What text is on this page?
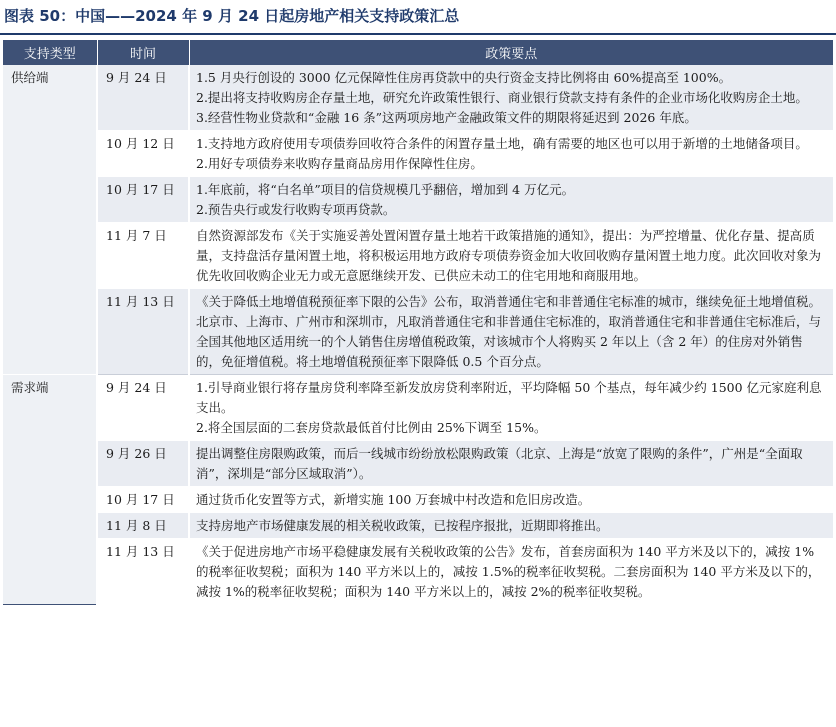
图表 50：中国——2024 年 9 月 24 日起房地产相关支持政策汇总
支持类型	时间	政策要点
供给端	9 月 24 日	1.5 月央行创设的 3000 亿元保障性住房再贷款中的央行资金支持比例将由 60%提高至 100%。
2.提出将支持收购房企存量土地，研究允许政策性银行、商业银行贷款支持有条件的企业市场化收购房企土地。
3.经营性物业贷款和“金融 16 条”这两项房地产金融政策文件的期限将延迟到 2026 年底。

	10 月 12 日	1.支持地方政府使用专项债券回收符合条件的闲置存量土地，确有需要的地区也可以用于新增的土地储备项目。
2.用好专项债券来收购存量商品房用作保障性住房。

	10 月 17 日	1.年底前，将“白名单”项目的信贷规模几乎翻倍，增加到 4 万亿元。
2.预告央行或发行收购专项再贷款。

	11 月 7 日	自然资源部发布《关于实施妥善处置闲置存量土地若干政策措施的通知》，提出：为严控增量、优化存量、提高质量，支持盘活存量闲置土地，将积极运用地方政府专项债券资金加大收回收购存量闲置土地力度。此次回收对象为优先收回收购企业无力或无意愿继续开发、已供应未动工的住宅用地和商服用地。

	11 月 13 日	《关于降低土地增值税预征率下限的公告》公布，取消普通住宅和非普通住宅标准的城市，继续免征土地增值税。北京市、上海市、广州市和深圳市，凡取消普通住宅和非普通住宅标准的，取消普通住宅和非普通住宅标准后，与全国其他地区适用统一的个人销售住房增值税政策，对该城市个人将购买 2 年以上（含 2 年）的住房对外销售的，免征增值税。将土地增值税预征率下限降低 0.5 个百分点。

需求端	9 月 24 日	1.引导商业银行将存量房贷利率降至新发放房贷利率附近，平均降幅 50 个基点，每年减少约 1500 亿元家庭利息支出。
2.将全国层面的二套房贷款最低首付比例由 25%下调至 15%。

	9 月 26 日	提出调整住房限购政策，而后一线城市纷纷放松限购政策（北京、上海是“放宽了限购的条件”，广州是“全面取消”，深圳是“部分区域取消”）。

	10 月 17 日	通过货币化安置等方式，新增实施 100 万套城中村改造和危旧房改造。

	11 月 8 日	支持房地产市场健康发展的相关税收政策，已按程序报批，近期即将推出。

	11 月 13 日	《关于促进房地产市场平稳健康发展有关税收政策的公告》发布，首套房面积为 140 平方米及以下的，减按 1%的税率征收契税；面积为 140 平方米以上的，减按 1.5%的税率征收契税。二套房面积为 140 平方米及以下的，减按 1%的税率征收契税；面积为 140 平方米以上的，减按 2%的税率征收契税。
